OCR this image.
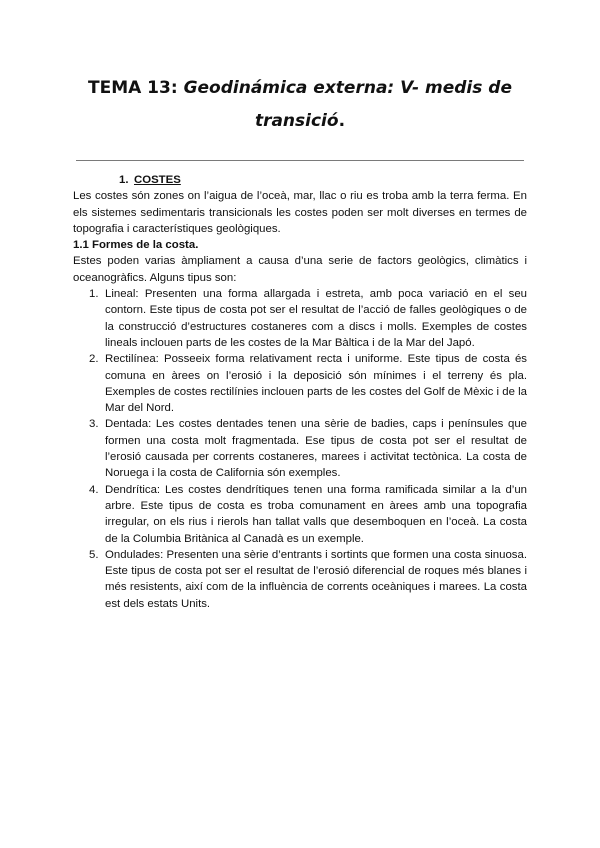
TEMA 13: Geodinámica externa: V- medis de
transició.
1. COSTES

Les costes són zones on l’aigua de l’oceà, mar, llac o riu es troba amb la terra ferma. En els sistemes sedimentaris transicionals les costes poden ser molt diverses en termes de topografia i característiques geològiques.

1.1 Formes de la costa.

Estes poden varias àmpliament a causa d’una serie de factors geològics, climàtics i oceanogràfics. Alguns tipus son:

1. Lineal: Presenten una forma allargada i estreta, amb poca variació en el seu contorn. Este tipus de costa pot ser el resultat de l’acció de falles geològiques o de la construcció d’estructures costaneres com a discs i molls. Exemples de costes lineals inclouen parts de les costes de la Mar Bàltica i de la Mar del Japó.
2. Rectilínea: Posseeix forma relativament recta i uniforme. Este tipus de costa és comuna en àrees on l’erosió i la deposició són mínimes i el terreny és pla. Exemples de costes rectilínies inclouen parts de les costes del Golf de Mèxic i de la Mar del Nord.
3. Dentada: Les costes dentades tenen una sèrie de badies, caps i penínsules que formen una costa molt fragmentada. Ese tipus de costa pot ser el resultat de l’erosió causada per corrents costaneres, marees i activitat tectònica. La costa de Noruega i la costa de California són exemples.
4. Dendrítica: Les costes dendrítiques tenen una forma ramificada similar a la d’un arbre. Este tipus de costa es troba comunament en àrees amb una topografia irregular, on els rius i rierols han tallat valls que desemboquen en l’oceà. La costa de la Columbia Britànica al Canadà es un exemple.
5. Ondulades: Presenten una sèrie d’entrants i sortints que formen una costa sinuosa. Este tipus de costa pot ser el resultat de l’erosió diferencial de roques més blanes i més resistents, així com de la influència de corrents oceàniques i marees. La costa est dels estats Units.
